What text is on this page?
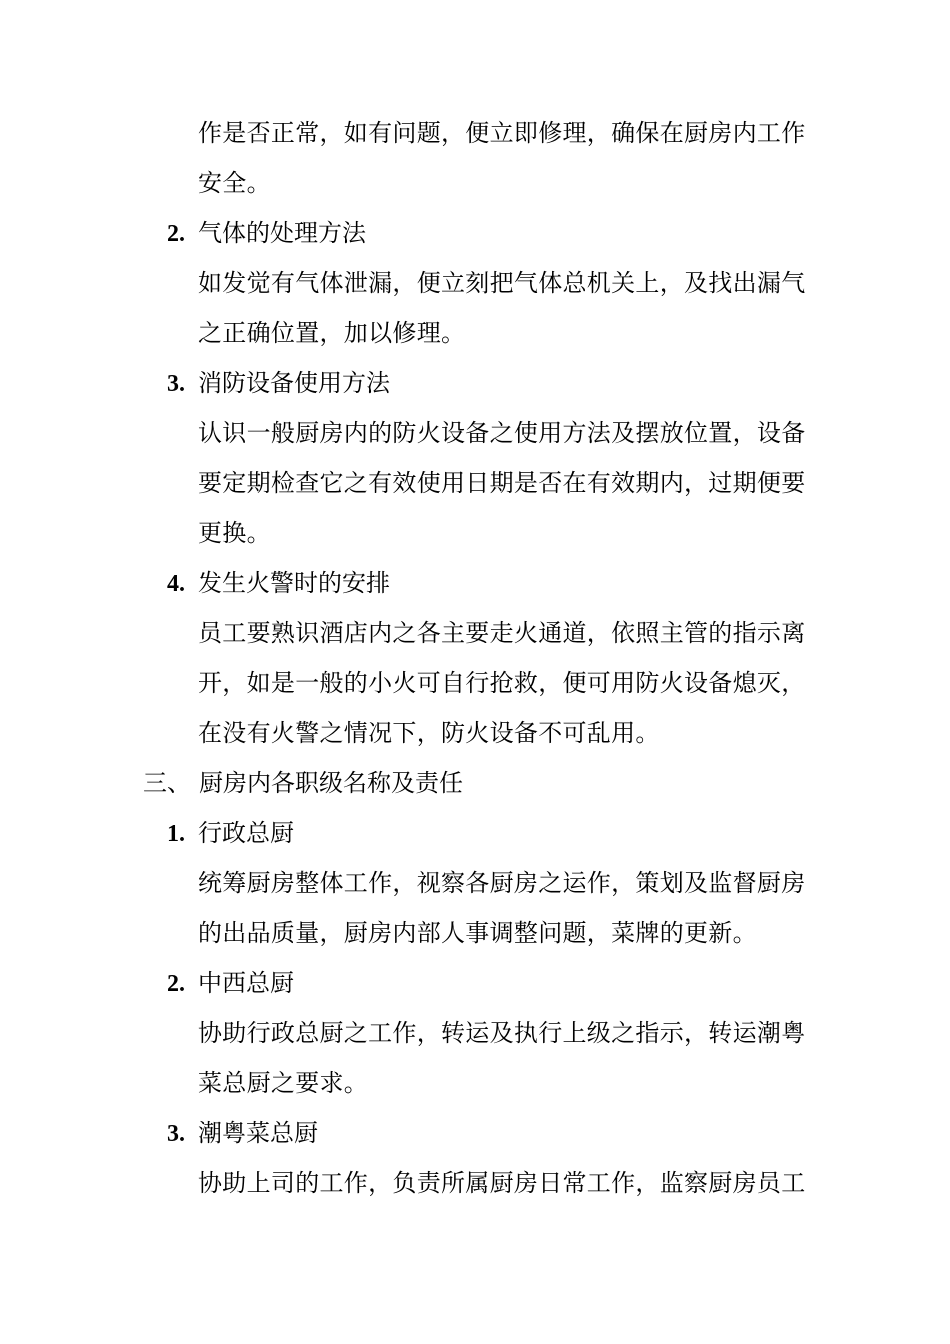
作是否正常，如有问题，便立即修理，确保在厨房内工作
安全。
2. 气体的处理方法
如发觉有气体泄漏，便立刻把气体总机关上，及找出漏气
之正确位置，加以修理。
3. 消防设备使用方法
认识一般厨房内的防火设备之使用方法及摆放位置，设备
要定期检查它之有效使用日期是否在有效期内，过期便要
更换。
4. 发生火警时的安排
员工要熟识酒店内之各主要走火通道，依照主管的指示离
开，如是一般的小火可自行抢救，便可用防火设备熄灭，
在没有火警之情况下，防火设备不可乱用。
三、 厨房内各职级名称及责任
1. 行政总厨
统筹厨房整体工作，视察各厨房之运作，策划及监督厨房
的出品质量，厨房内部人事调整问题，菜牌的更新。
2. 中西总厨
协助行政总厨之工作，转运及执行上级之指示，转运潮粤
菜总厨之要求。
3. 潮粤菜总厨
协助上司的工作，负责所属厨房日常工作，监察厨房员工
